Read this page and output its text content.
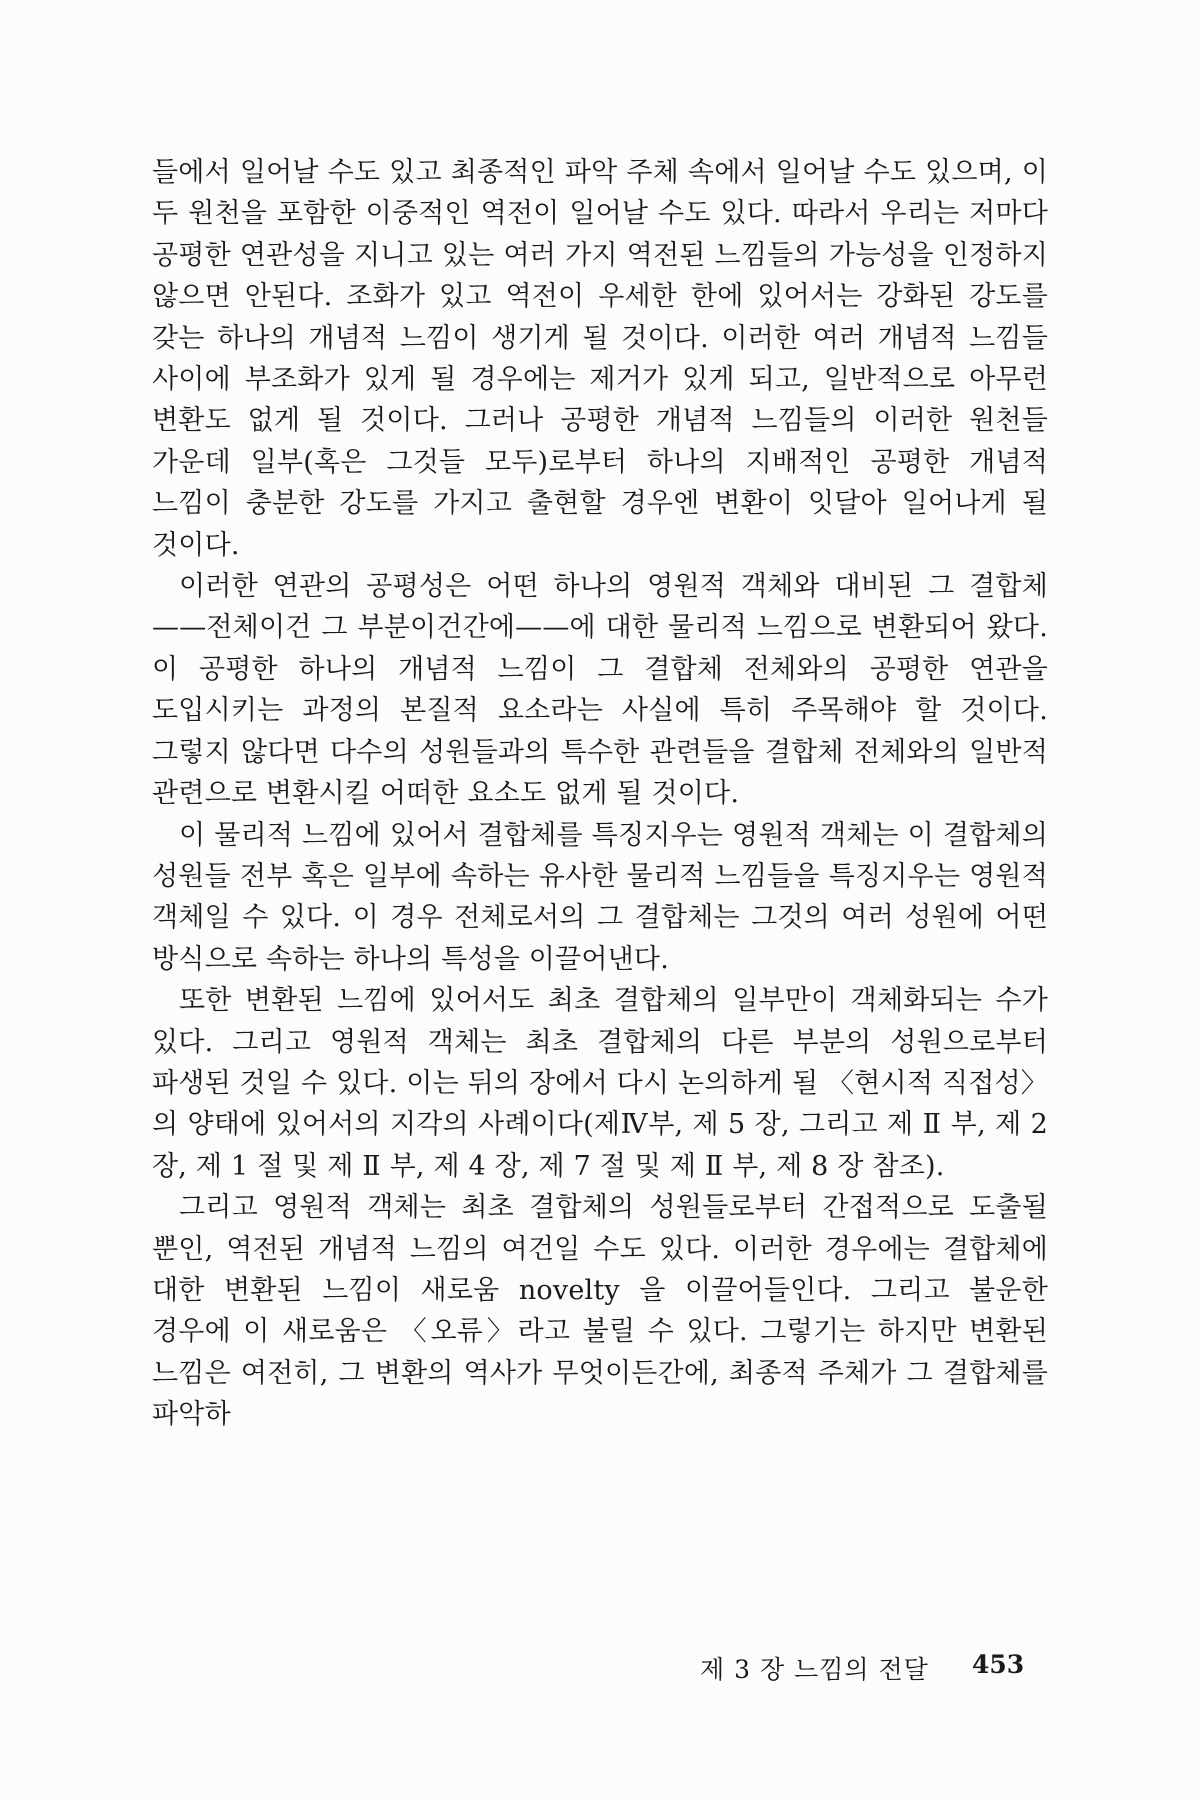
들에서 일어날 수도 있고 최종적인 파악 주체 속에서 일어날 수도 있으며, 이 두 원천을 포함한 이중적인 역전이 일어날 수도 있다. 따라서 우리는 저마다 공평한 연관성을 지니고 있는 여러 가지 역전된 느낌들의 가능성을 인정하지 않으면 안된다. 조화가 있고 역전이 우세한 한에 있어서는 강화된 강도를 갖는 하나의 개념적 느낌이 생기게 될 것이다. 이러한 여러 개념적 느낌들 사이에 부조화가 있게 될 경우에는 제거가 있게 되고, 일반적으로 아무런 변환도 없게 될 것이다. 그러나 공평한 개념적 느낌들의 이러한 원천들 가운데 일부(혹은 그것들 모두)로부터 하나의 지배적인 공평한 개념적 느낌이 충분한 강도를 가지고 출현할 경우엔 변환이 잇달아 일어나게 될 것이다.

이러한 연관의 공평성은 어떤 하나의 영원적 객체와 대비된 그 결합체——전체이건 그 부분이건간에——에 대한 물리적 느낌으로 변환되어 왔다. 이 공평한 하나의 개념적 느낌이 그 결합체 전체와의 공평한 연관을 도입시키는 과정의 본질적 요소라는 사실에 특히 주목해야 할 것이다. 그렇지 않다면 다수의 성원들과의 특수한 관련들을 결합체 전체와의 일반적 관련으로 변환시킬 어떠한 요소도 없게 될 것이다.

이 물리적 느낌에 있어서 결합체를 특징지우는 영원적 객체는 이 결합체의 성원들 전부 혹은 일부에 속하는 유사한 물리적 느낌들을 특징지우는 영원적 객체일 수 있다. 이 경우 전체로서의 그 결합체는 그것의 여러 성원에 어떤 방식으로 속하는 하나의 특성을 이끌어낸다.

또한 변환된 느낌에 있어서도 최초 결합체의 일부만이 객체화되는 수가 있다. 그리고 영원적 객체는 최초 결합체의 다른 부분의 성원으로부터 파생된 것일 수 있다. 이는 뒤의 장에서 다시 논의하게 될 〈현시적 직접성〉의 양태에 있어서의 지각의 사례이다(제Ⅳ부, 제 5 장, 그리고 제 Ⅱ 부, 제 2 장, 제 1 절 및 제 Ⅱ 부, 제 4 장, 제 7 절 및 제 Ⅱ 부, 제 8 장 참조).

그리고 영원적 객체는 최초 결합체의 성원들로부터 간접적으로 도출될 뿐인, 역전된 개념적 느낌의 여건일 수도 있다. 이러한 경우에는 결합체에 대한 변환된 느낌이 새로움 novelty 을 이끌어들인다. 그리고 불운한 경우에 이 새로움은 〈오류〉라고 불릴 수 있다. 그렇기는 하지만 변환된 느낌은 여전히, 그 변환의 역사가 무엇이든간에, 최종적 주체가 그 결합체를 파악하

제 3 장 느낌의 전달 453
